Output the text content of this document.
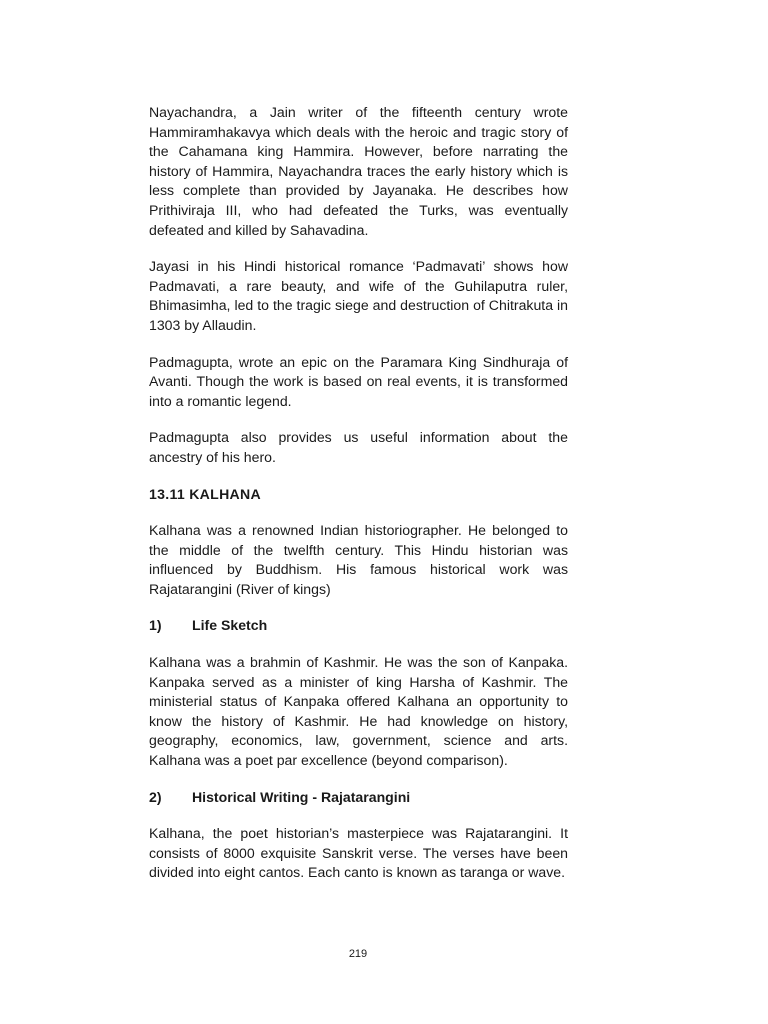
Nayachandra, a Jain writer of the fifteenth century wrote Hammiramhakavya which deals with the heroic and tragic story of the Cahamana king Hammira. However, before narrating the history of Hammira, Nayachandra traces the early history which is less complete than provided by Jayanaka. He describes how Prithiviraja III, who had defeated the Turks, was eventually defeated and killed by Sahavadina.

Jayasi in his Hindi historical romance ‘Padmavati’ shows how Padmavati, a rare beauty, and wife of the Guhilaputra ruler, Bhimasimha, led to the tragic siege and destruction of Chitrakuta in 1303 by Allaudin.

Padmagupta, wrote an epic on the Paramara King Sindhuraja of Avanti. Though the work is based on real events, it is transformed into a romantic legend.

Padmagupta also provides us useful information about the ancestry of his hero.

13.11 KALHANA

Kalhana was a renowned Indian historiographer. He belonged to the middle of the twelfth century. This Hindu historian was influenced by Buddhism. His famous historical work was Rajatarangini (River of kings)

1)	Life Sketch

Kalhana was a brahmin of Kashmir. He was the son of Kanpaka. Kanpaka served as a minister of king Harsha of Kashmir. The ministerial status of Kanpaka offered Kalhana an opportunity to know the history of Kashmir. He had knowledge on history, geography, economics, law, government, science and arts. Kalhana was a poet par excellence (beyond comparison).

2)	Historical Writing - Rajatarangini

Kalhana, the poet historian’s masterpiece was Rajatarangini. It consists of 8000 exquisite Sanskrit verse. The verses have been divided into eight cantos. Each canto is known as taranga or wave.

219
